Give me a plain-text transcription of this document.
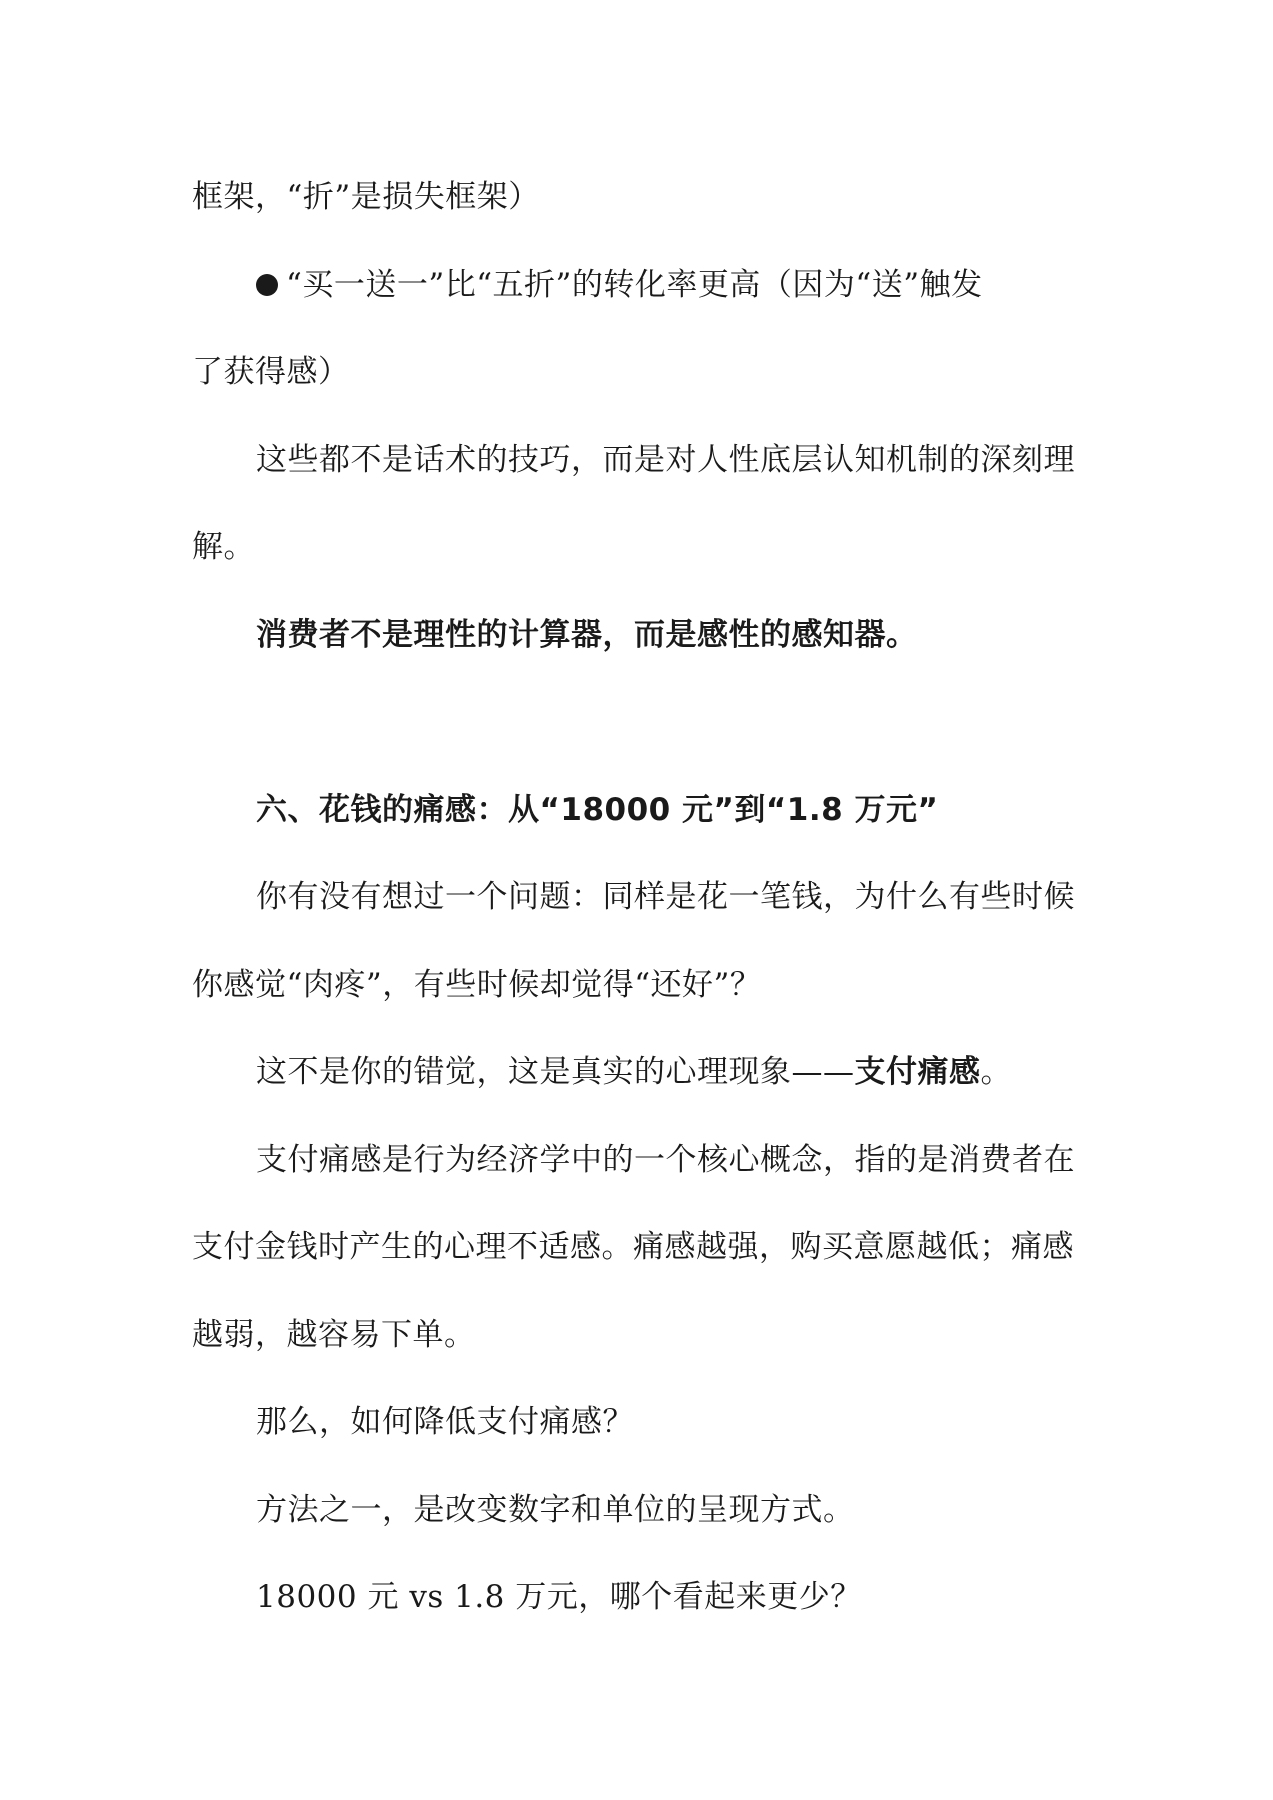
框架，“折”是损失框架）
“买一送一”比“五折”的转化率更高（因为“送”触发
了获得感）
这些都不是话术的技巧，而是对人性底层认知机制的深刻理
解。
消费者不是理性的计算器，而是感性的感知器。
六、花钱的痛感：从“18000 元”到“1.8 万元”
你有没有想过一个问题：同样是花一笔钱，为什么有些时候
你感觉“肉疼”，有些时候却觉得“还好”？
这不是你的错觉，这是真实的心理现象——支付痛感。
支付痛感是行为经济学中的一个核心概念，指的是消费者在
支付金钱时产生的心理不适感。痛感越强，购买意愿越低；痛感
越弱，越容易下单。
那么，如何降低支付痛感？
方法之一，是改变数字和单位的呈现方式。
18000 元 vs 1.8 万元，哪个看起来更少？
